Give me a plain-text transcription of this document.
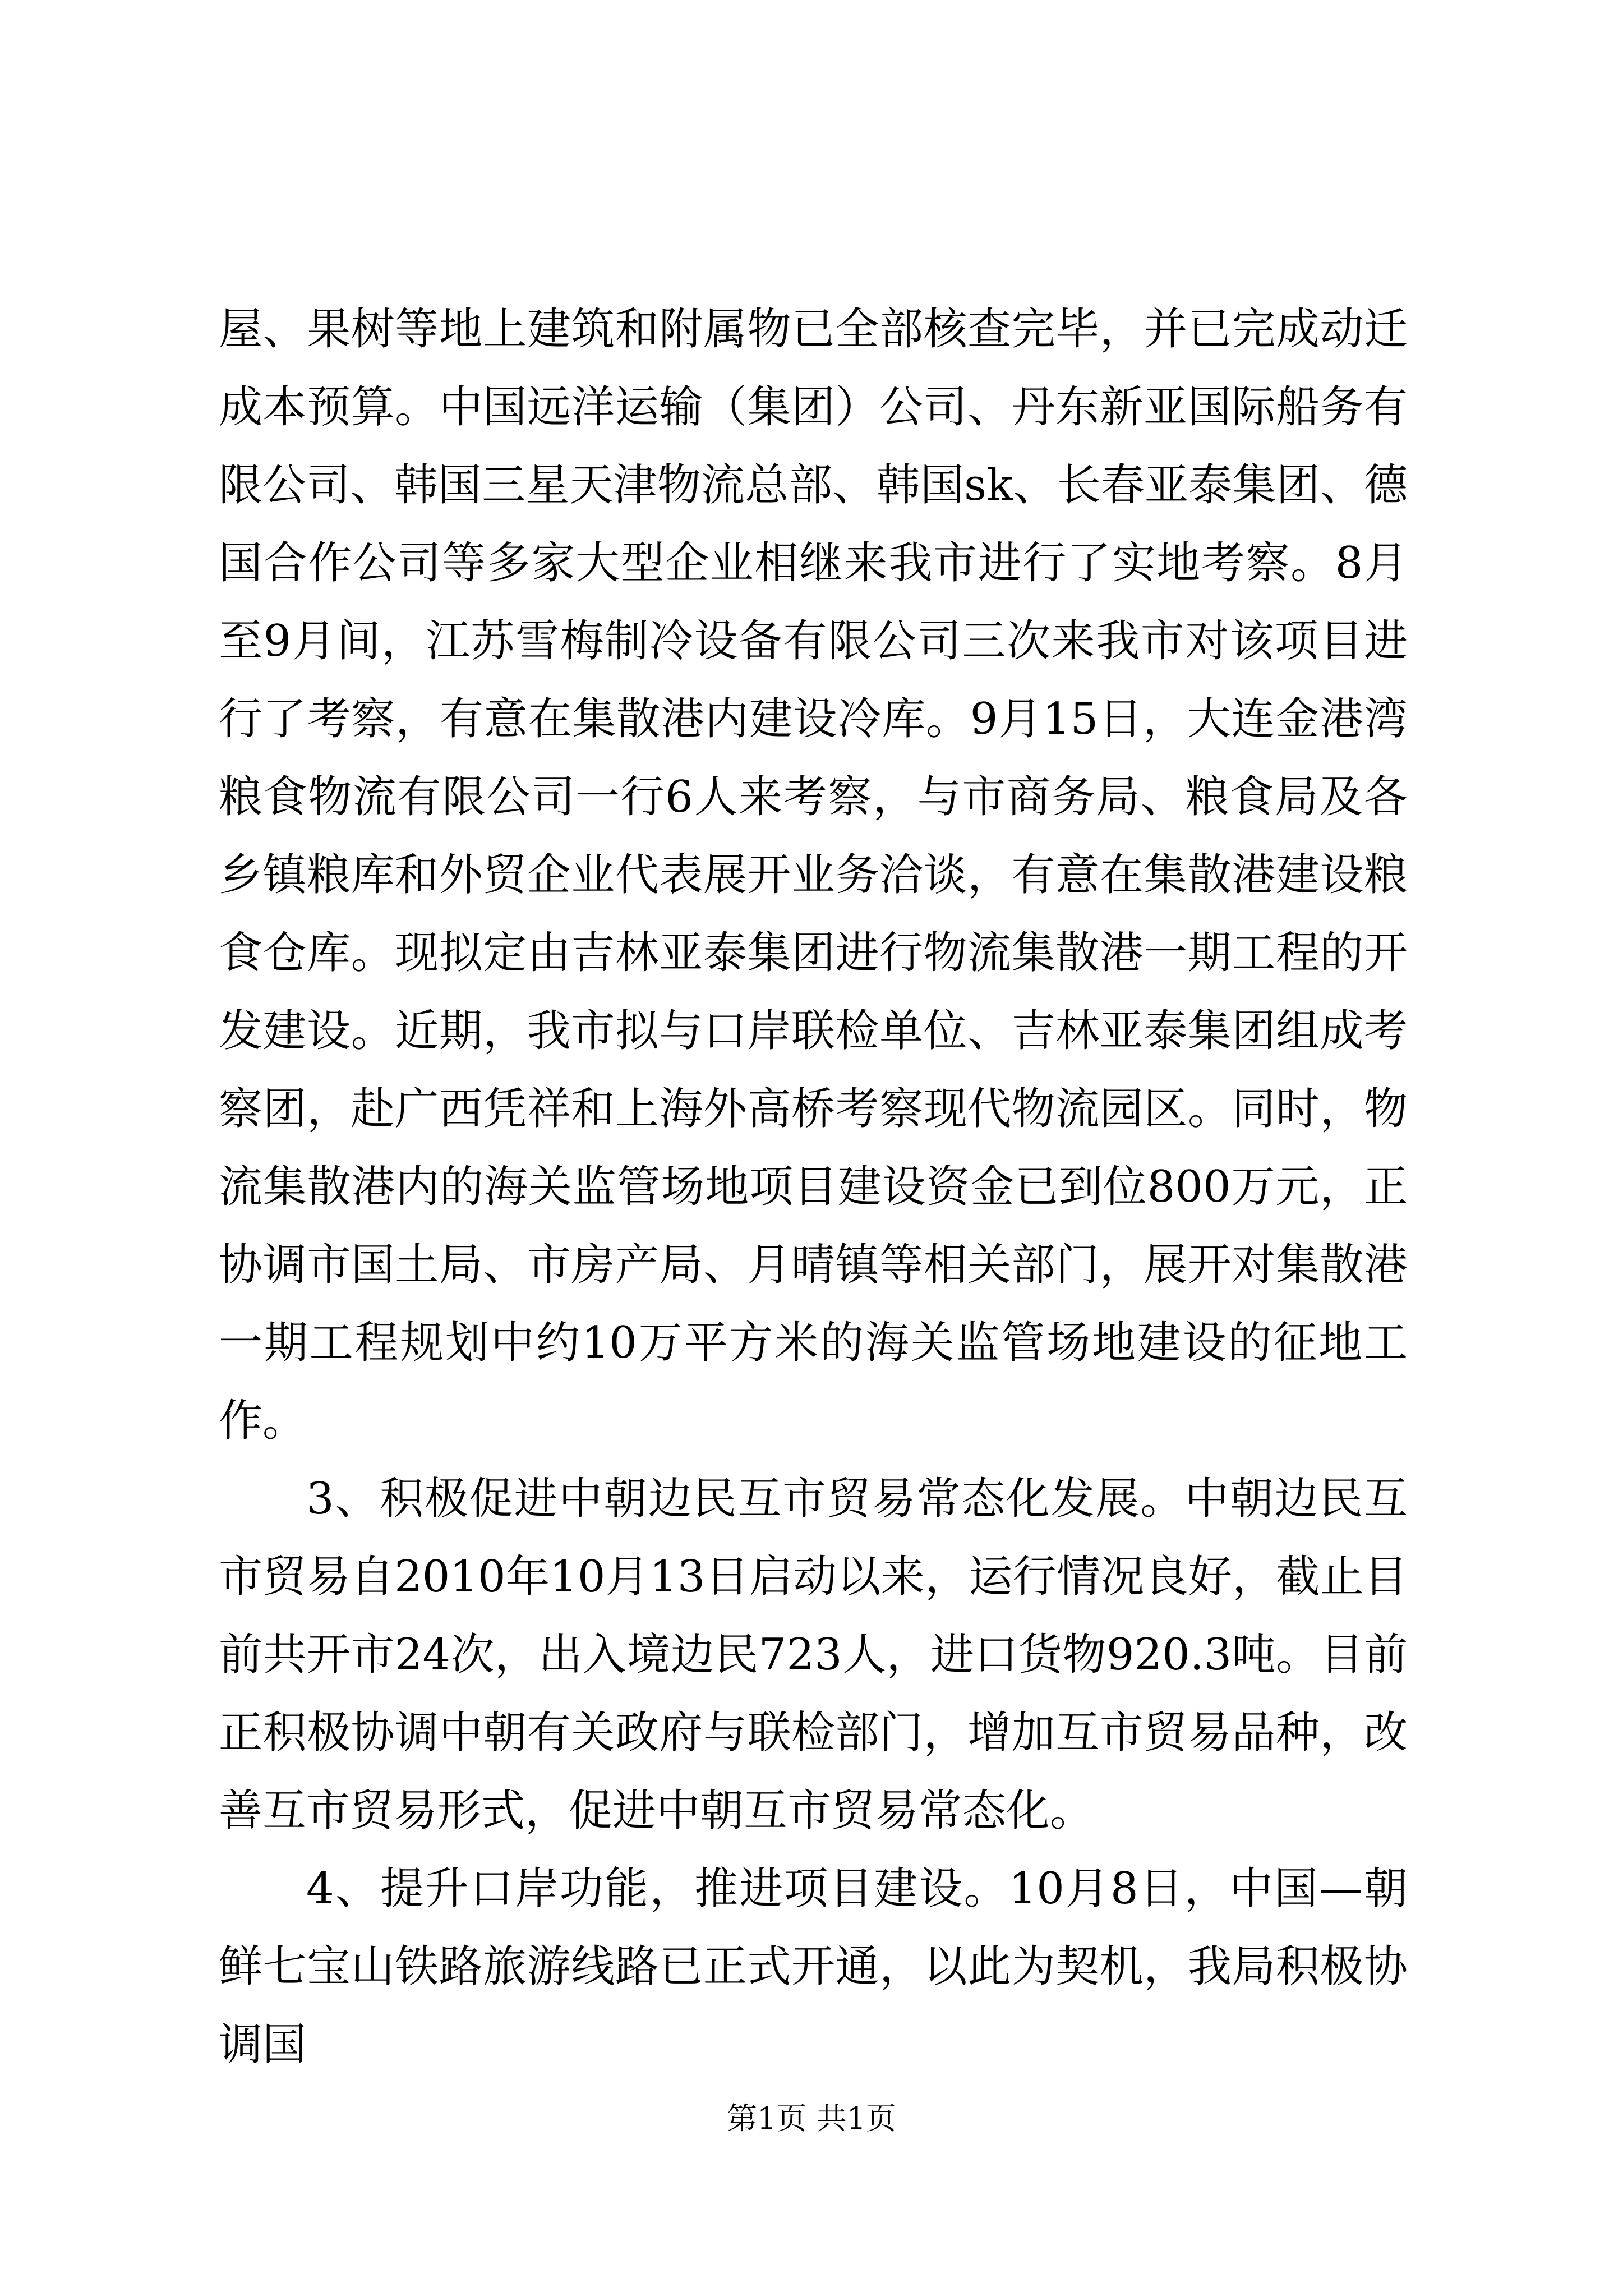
屋、果树等地上建筑和附属物已全部核查完毕，并已完成动迁成本预算。中国远洋运输（集团）公司、丹东新亚国际船务有限公司、韩国三星天津物流总部、韩国sk、长春亚泰集团、德国合作公司等多家大型企业相继来我市进行了实地考察。8月至9月间，江苏雪梅制冷设备有限公司三次来我市对该项目进行了考察，有意在集散港内建设冷库。9月15日，大连金港湾粮食物流有限公司一行6人来考察，与市商务局、粮食局及各乡镇粮库和外贸企业代表展开业务洽谈，有意在集散港建设粮食仓库。现拟定由吉林亚泰集团进行物流集散港一期工程的开发建设。近期，我市拟与口岸联检单位、吉林亚泰集团组成考察团，赴广西凭祥和上海外高桥考察现代物流园区。同时，物流集散港内的海关监管场地项目建设资金已到位800万元，正协调市国土局、市房产局、月晴镇等相关部门，展开对集散港一期工程规划中约10万平方米的海关监管场地建设的征地工作。

3、积极促进中朝边民互市贸易常态化发展。中朝边民互市贸易自2010年10月13日启动以来，运行情况良好，截止目前共开市24次，出入境边民723人，进口货物920.3吨。目前正积极协调中朝有关政府与联检部门，增加互市贸易品种，改善互市贸易形式，促进中朝互市贸易常态化。

4、提升口岸功能，推进项目建设。10月8日，中国—朝鲜七宝山铁路旅游线路已正式开通，以此为契机，我局积极协调国

第1页 共1页
